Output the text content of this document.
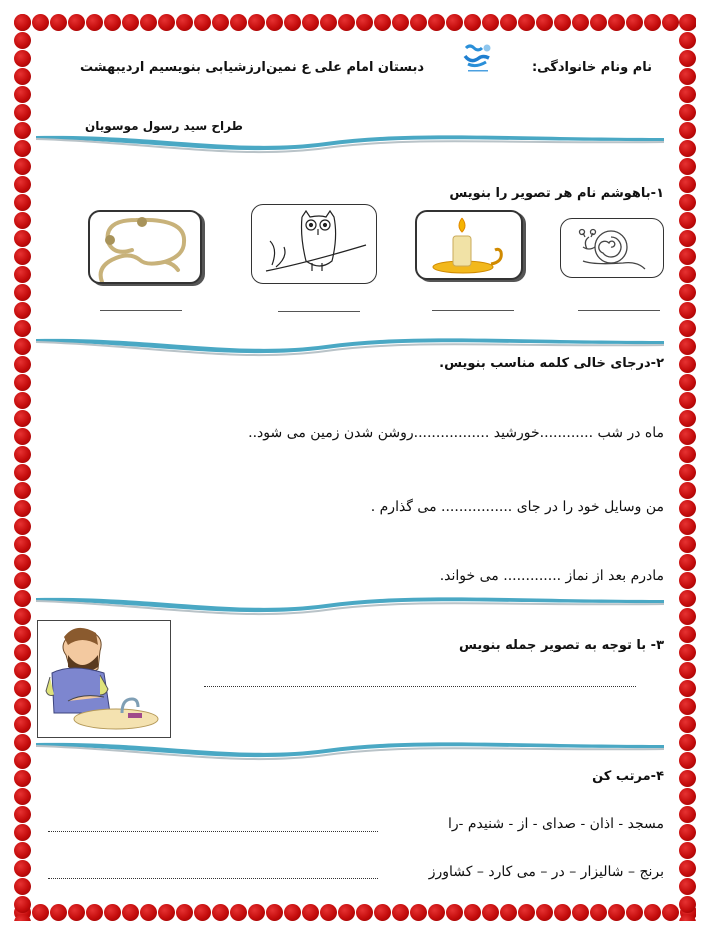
نام ونام خانوادگی:
دبستان امام علی ع نمین
ارزشیابی بنویسیم اردیبهشت
طراح سید رسول موسویان
۱-باهوشم نام هر تصویر را بنویس
۲-درجای خالی کلمه مناسب بنویس.
ماه در شب ............خورشید .................روشن شدن زمین می شود..
من وسایل خود را در جای ................ می گذارم .
مادرم بعد از نماز ............. می خواند.
۳- با توجه به تصویر جمله بنویس
۴-مرتب کن
مسجد - اذان - صدای - از - شنیدم -را
برنج – شالیزار – در – می کارد – کشاورز
